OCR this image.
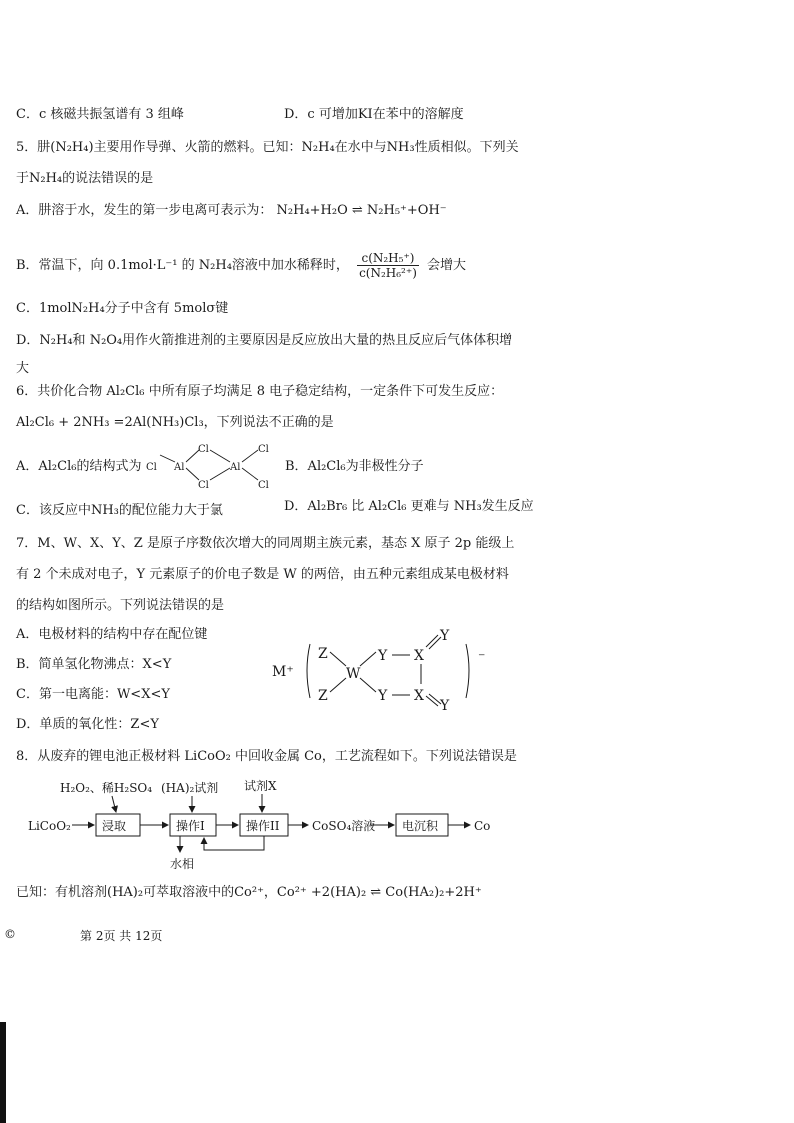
C．c 核磁共振氢谱有 3 组峰	D．c 可增加KI在苯中的溶解度
5．肼(N₂H₄)主要用作导弹、火箭的燃料。已知：N₂H₄在水中与NH₃性质相似。下列关
于N₂H₄的说法错误的是
A．肼溶于水，发生的第一步电离可表示为： N₂H₄+H₂O ⇌ N₂H₅⁺+OH⁻
B．常温下，向 0.1mol·L⁻¹ 的 N₂H₄溶液中加水稀释时， $\frac{\text{c(N₂H₅⁺)}}{\text{c(N₂H₆²⁺)}}$ 会增大
C．1molN₂H₄分子中含有 5molσ键
D．N₂H₄和 N₂O₄用作火箭推进剂的主要原因是反应放出大量的热且反应后气体体积增
大
6．共价化合物 Al₂Cl₆ 中所有原子均满足 8 电子稳定结构，一定条件下可发生反应：
Al₂Cl₆ + 2NH₃ =2Al(NH₃)Cl₃，下列说法不正确的是
A．Al₂Cl₆的结构式为 Cl
Cl
Cl
Al	Al
Cl
Cl
B．Al₂Cl₆为非极性分子
C．该反应中NH₃的配位能力大于氯	D．Al₂Br₆ 比 Al₂Cl₆ 更难与 NH₃发生反应
7．M、W、X、Y、Z 是原子序数依次增大的同周期主族元素，基态 X 原子 2p 能级上
有 2 个未成对电子，Y 元素原子的价电子数是 W 的两倍，由五种元素组成某电极材料
的结构如图所示。下列说法错误的是
A．电极材料的结构中存在配位键
B．简单氢化物沸点：X<Y
C．第一电离能：W<X<Y
D．单质的氧化性：Z<Y
M⁺
Z
Z
W
Y
Y
X
X
Y
Y
⁻
8．从废弃的锂电池正极材料 LiCoO₂ 中回收金属 Co，工艺流程如下。下列说法错误是
H₂O₂、稀H₂SO₄ (HA)₂试剂 试剂X
LiCoO₂	浸取	操作I	操作II	CoSO₄溶液 电沉积	Co
水相
已知：有机溶剂(HA)₂可萃取溶液中的Co²⁺，Co²⁺ +2(HA)₂ ⇌ Co(HA₂)₂+2H⁺
©	第 2页 共 12页
